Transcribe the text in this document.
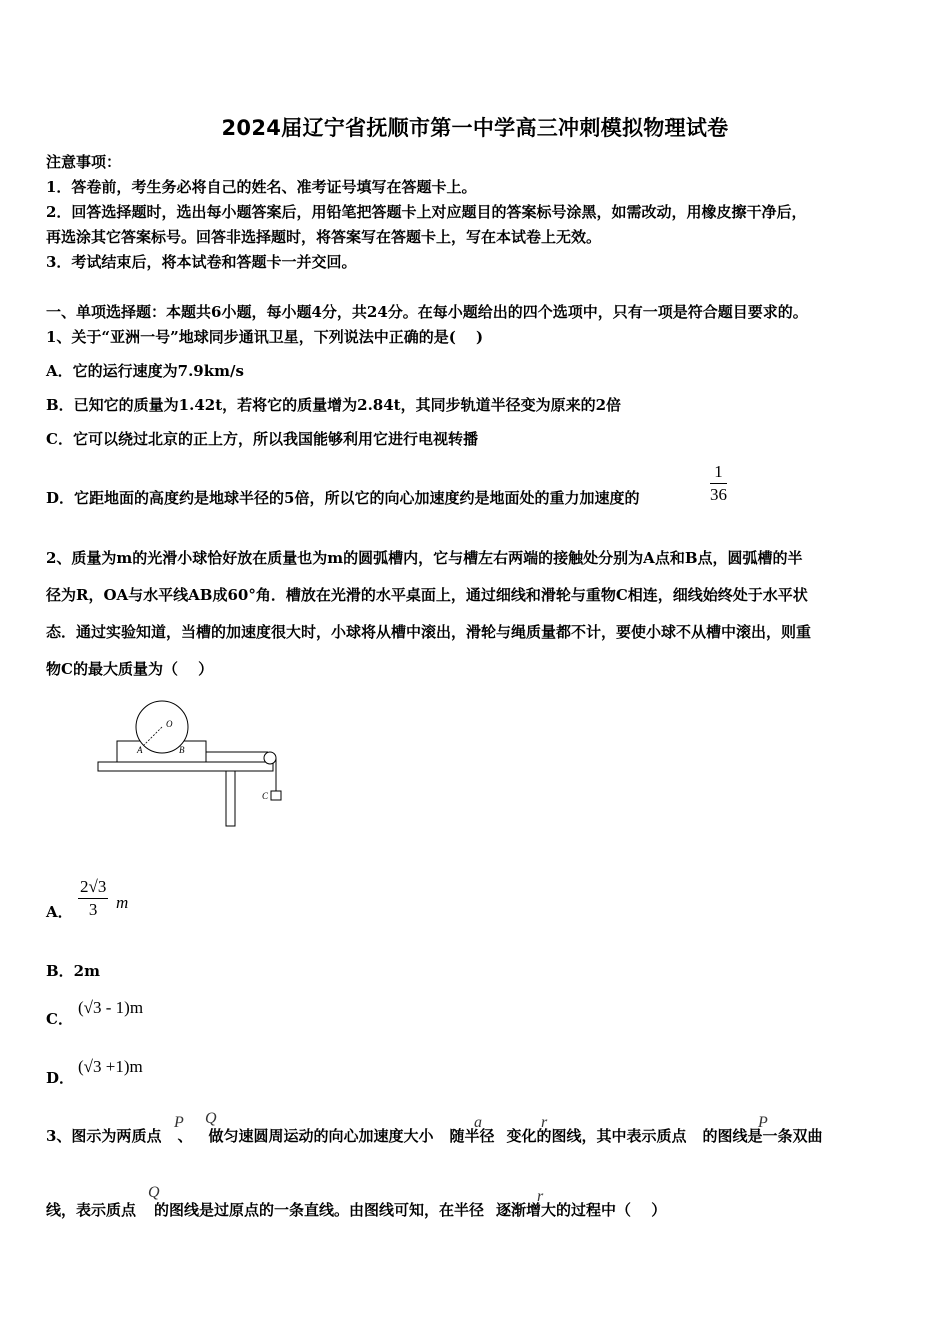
2024届辽宁省抚顺市第一中学高三冲刺模拟物理试卷
注意事项：
1．答卷前，考生务必将自己的姓名、准考证号填写在答题卡上。
2．回答选择题时，选出每小题答案后，用铅笔把答题卡上对应题目的答案标号涂黑，如需改动，用橡皮擦干净后，
再选涂其它答案标号。回答非选择题时，将答案写在答题卡上，写在本试卷上无效。
3．考试结束后，将本试卷和答题卡一并交回。
一、单项选择题：本题共6小题，每小题4分，共24分。在每小题给出的四个选项中，只有一项是符合题目要求的。
1、关于“亚洲一号”地球同步通讯卫星，下列说法中正确的是(　 )
A．它的运行速度为7.9km/s
B．已知它的质量为1.42t，若将它的质量增为2.84t，其同步轨道半径变为原来的2倍
C．它可以绕过北京的正上方，所以我国能够利用它进行电视转播
D．它距地面的高度约是地球半径的5倍，所以它的向心加速度约是地面处的重力加速度的	$\frac{1}{36}$
2、质量为m的光滑小球恰好放在质量也为m的圆弧槽内，它与槽左右两端的接触处分别为A点和B点，圆弧槽的半
径为R，OA与水平线AB成60°角．槽放在光滑的水平桌面上，通过细线和滑轮与重物C相连，细线始终处于水平状
态．通过实验知道，当槽的加速度很大时，小球将从槽中滚出，滑轮与绳质量都不计，要使小球不从槽中滚出，则重
物C的最大质量为（　 ）
O
A	B
C
A． $\frac{2√3}{3}$ m
B．2m
C．
(√3 - 1)m
D．
(√3 +1)m
3、图示为两质点 、 做匀速圆周运动的向心加速度大小 随半径 变化的图线，其中表示质点 的图线是一条双曲
P Q	a	r	P
线，表示质点 的图线是过原点的一条直线。由图线可知，在半径 逐渐增大的过程中（　 ）
Q	r
